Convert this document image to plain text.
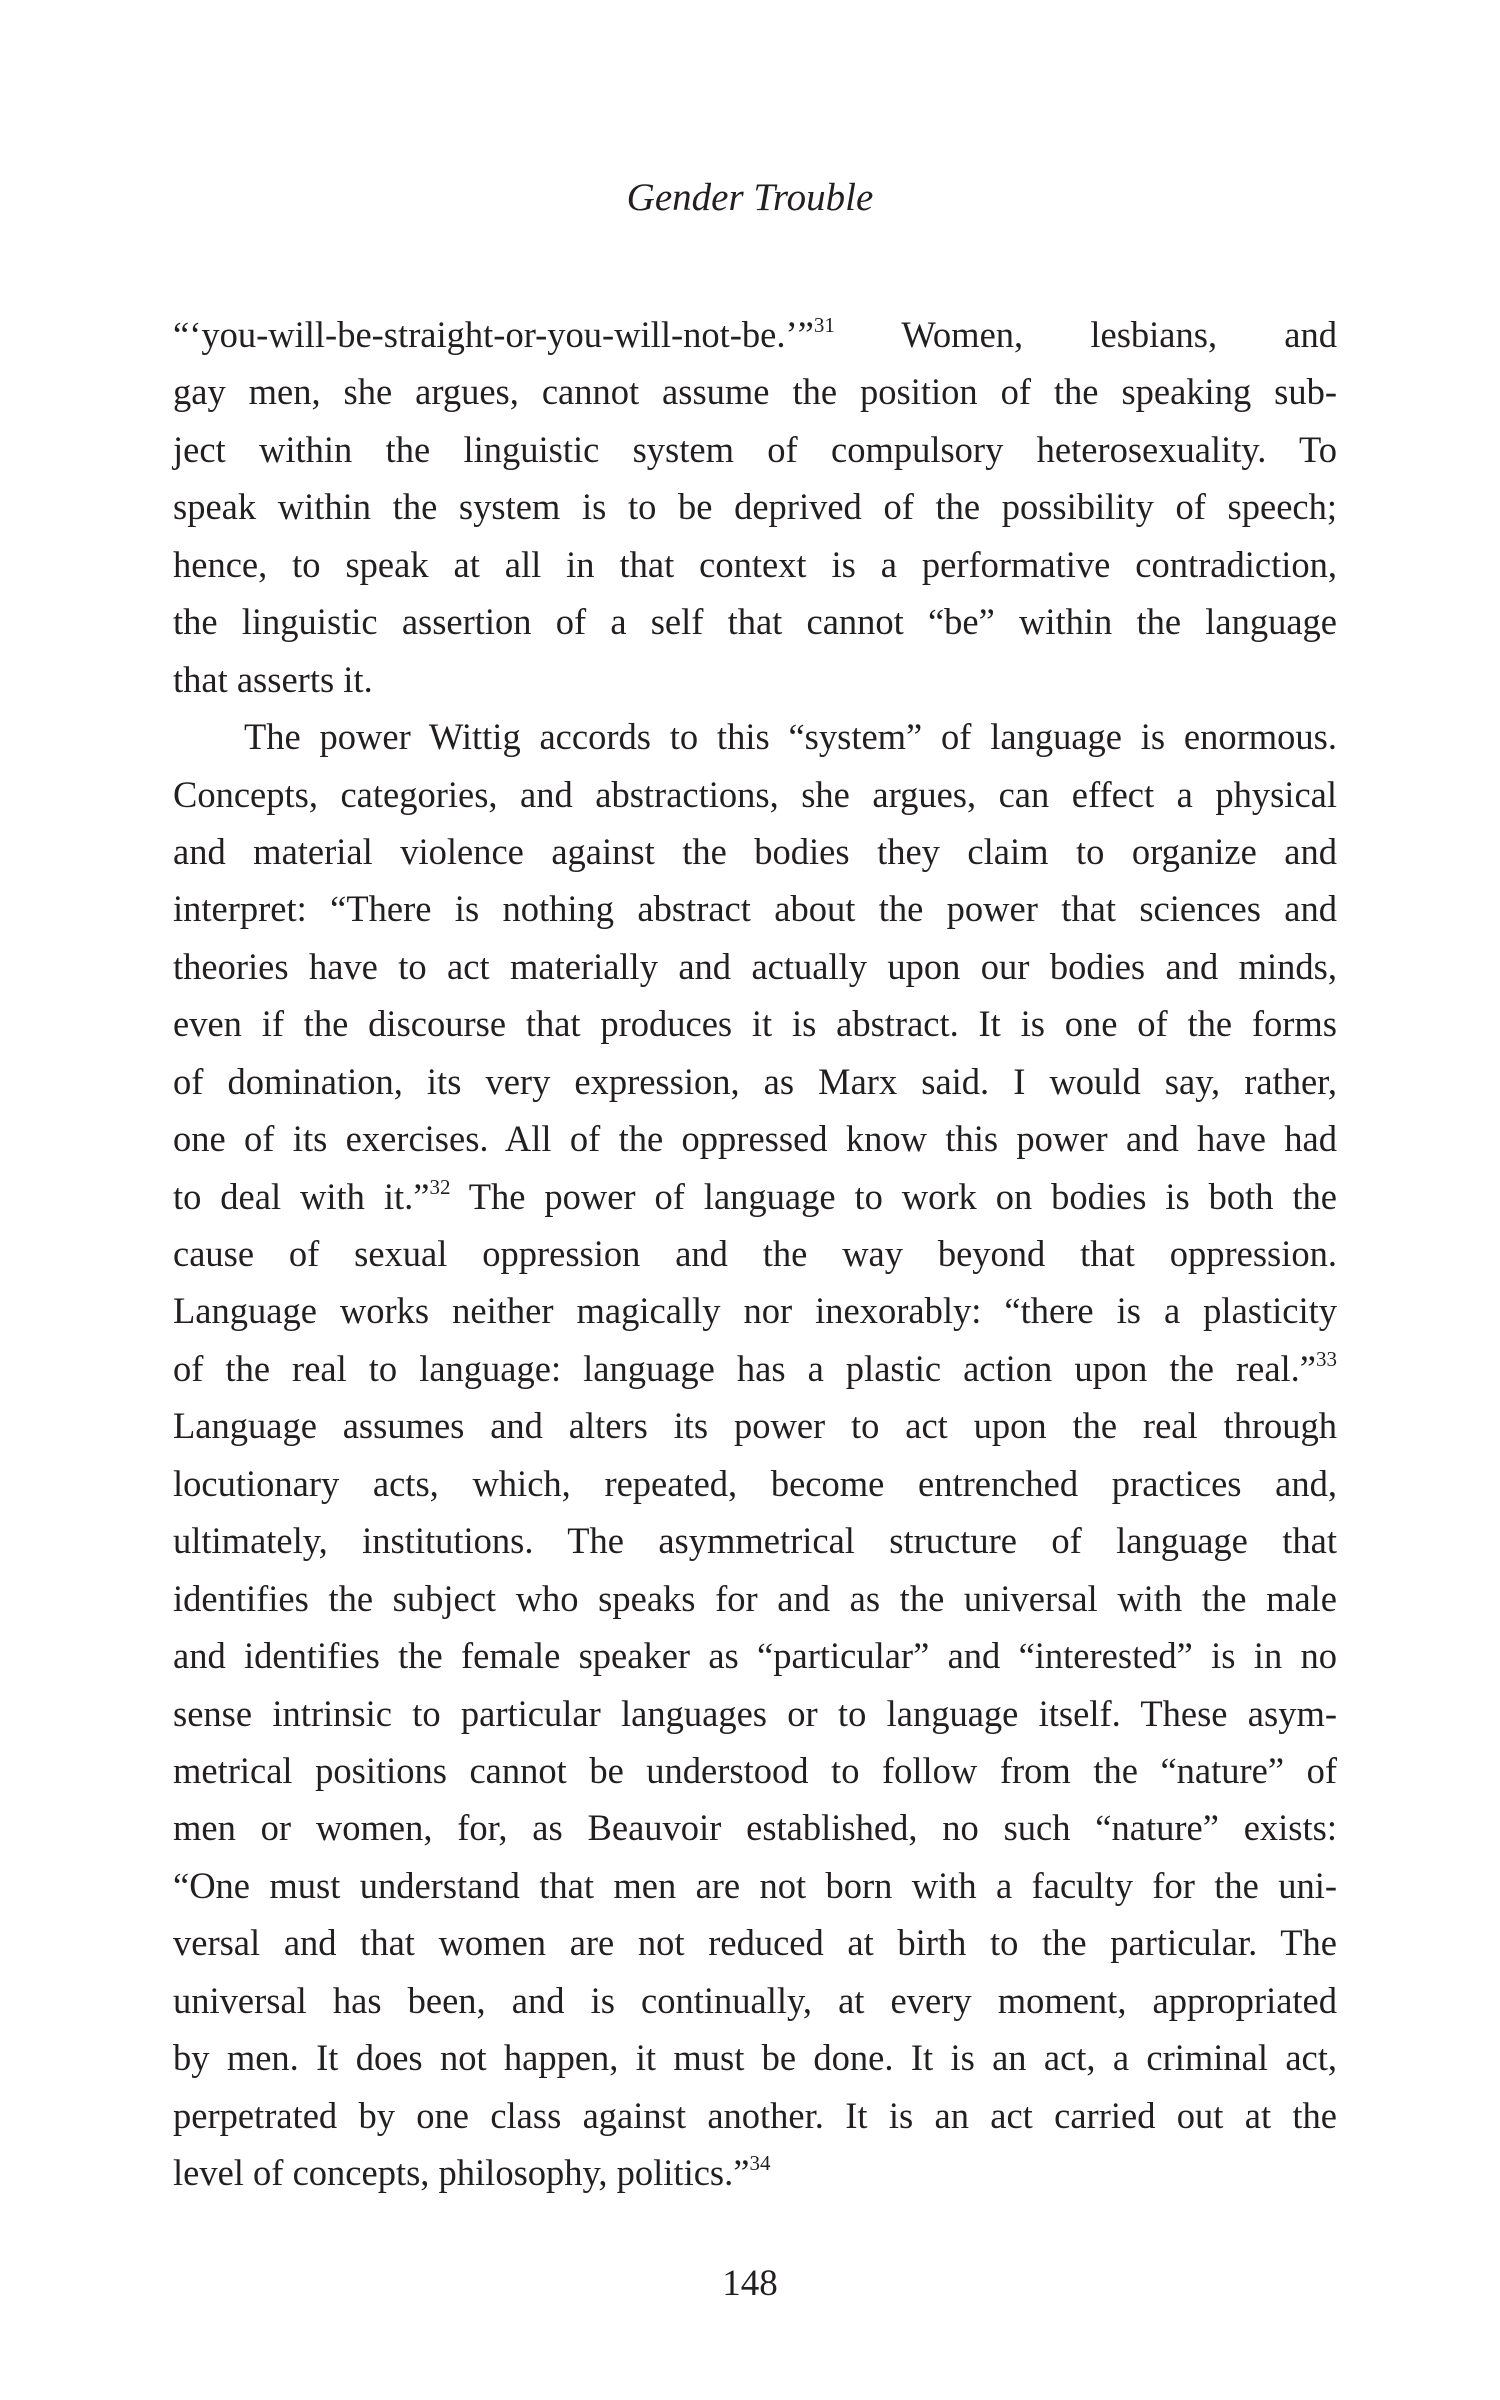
Gender Trouble
“‘you-will-be-straight-or-you-will-not-be.’”$^{31}$ Women, lesbians, and
gay men, she argues, cannot assume the position of the speaking sub-
ject within the linguistic system of compulsory heterosexuality. To
speak within the system is to be deprived of the possibility of speech;
hence, to speak at all in that context is a performative contradiction,
the linguistic assertion of a self that cannot “be” within the language
that asserts it.
The power Wittig accords to this “system” of language is enormous.
Concepts, categories, and abstractions, she argues, can effect a physical
and material violence against the bodies they claim to organize and
interpret: “There is nothing abstract about the power that sciences and
theories have to act materially and actually upon our bodies and minds,
even if the discourse that produces it is abstract. It is one of the forms
of domination, its very expression, as Marx said. I would say, rather,
one of its exercises. All of the oppressed know this power and have had
to deal with it.”$^{32}$ The power of language to work on bodies is both the
cause of sexual oppression and the way beyond that oppression.
Language works neither magically nor inexorably: “there is a plasticity
of the real to language: language has a plastic action upon the real.”$^{33}$
Language assumes and alters its power to act upon the real through
locutionary acts, which, repeated, become entrenched practices and,
ultimately, institutions. The asymmetrical structure of language that
identifies the subject who speaks for and as the universal with the male
and identifies the female speaker as “particular” and “interested” is in no
sense intrinsic to particular languages or to language itself. These asym-
metrical positions cannot be understood to follow from the “nature” of
men or women, for, as Beauvoir established, no such “nature” exists:
“One must understand that men are not born with a faculty for the uni-
versal and that women are not reduced at birth to the particular. The
universal has been, and is continually, at every moment, appropriated
by men. It does not happen, it must be done. It is an act, a criminal act,
perpetrated by one class against another. It is an act carried out at the
level of concepts, philosophy, politics.”$^{34}$
148
